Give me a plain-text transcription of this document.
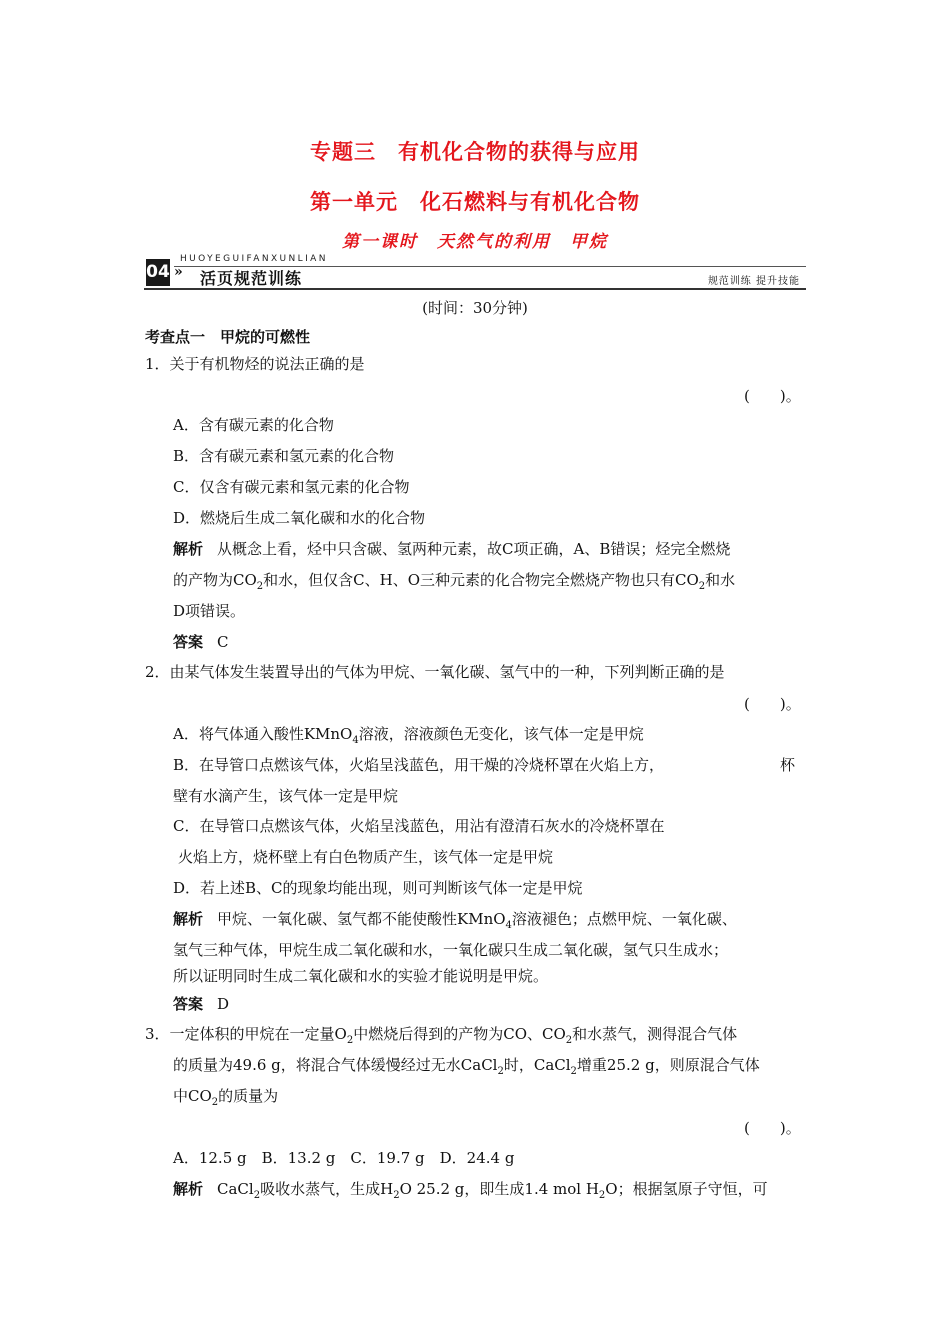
专题三　有机化合物的获得与应用
第一单元　化石燃料与有机化合物
第一课时　天然气的利用　甲烷
HUOYEGUIFANXUNLIAN
04 » 活页规范训练	规范训练 提升技能
(时间：30分钟)
考查点一　甲烷的可燃性
1．关于有机物烃的说法正确的是
(　　)。
A．含有碳元素的化合物
B．含有碳元素和氢元素的化合物
C．仅含有碳元素和氢元素的化合物
D．燃烧后生成二氧化碳和水的化合物
解析 从概念上看，烃中只含碳、氢两种元素，故C项正确，A、B错误；烃完全燃烧
的产物为$CO_2$和水，但仅含C、H、O三种元素的化合物完全燃烧产物也只有$CO_2$和水
D项错误。
答案 C
2．由某气体发生装置导出的气体为甲烷、一氧化碳、氢气中的一种，下列判断正确的是
(　　)。
A．将气体通入酸性KMnO$_4$溶液，溶液颜色无变化，该气体一定是甲烷
B．在导管口点燃该气体，火焰呈浅蓝色，用干燥的冷烧杯罩在火焰上方，	杯
壁有水滴产生，该气体一定是甲烷
C．在导管口点燃该气体，火焰呈浅蓝色，用沾有澄清石灰水的冷烧杯罩在
火焰上方，烧杯壁上有白色物质产生，该气体一定是甲烷
D．若上述B、C的现象均能出现，则可判断该气体一定是甲烷
解析 甲烷、一氧化碳、氢气都不能使酸性KMnO$_4$溶液褪色；点燃甲烷、一氧化碳、
氢气三种气体，甲烷生成二氧化碳和水，一氧化碳只生成二氧化碳，氢气只生成水；
所以证明同时生成二氧化碳和水的实验才能说明是甲烷。
答案 D
3．一定体积的甲烷在一定量$O_2$中燃烧后得到的产物为CO、$CO_2$和水蒸气，测得混合气体
的质量为49.6 g，将混合气体缓慢经过无水CaCl$_2$时，CaCl$_2$增重25.2 g，则原混合气体
中$CO_2$的质量为
(　　)。
A．12.5 g　B．13.2 g　C．19.7 g　D．24.4 g
解析 CaCl$_2$吸收水蒸气，生成$H_2O$ 25.2 g，即生成1.4 mol $H_2O$；根据氢原子守恒，可
